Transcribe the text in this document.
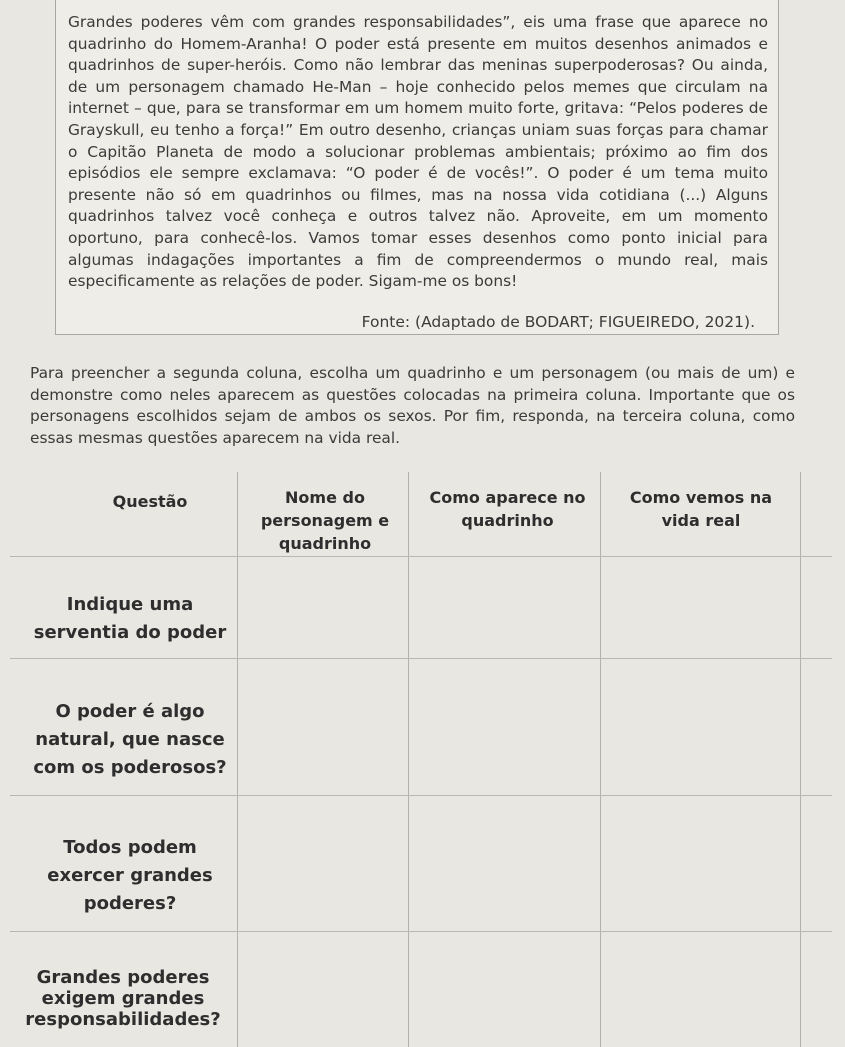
Grandes poderes vêm com grandes responsabilidades”, eis uma frase que aparece no quadrinho do Homem-Aranha! O poder está presente em muitos desenhos animados e quadrinhos de super-heróis. Como não lembrar das meninas superpoderosas? Ou ainda, de um personagem chamado He-Man – hoje conhecido pelos memes que circulam na internet – que, para se transformar em um homem muito forte, gritava: “Pelos poderes de Grayskull, eu tenho a força!” Em outro desenho, crianças uniam suas forças para chamar o Capitão Planeta de modo a solucionar problemas ambientais; próximo ao fim dos episódios ele sempre exclamava: “O poder é de vocês!”. O poder é um tema muito presente não só em quadrinhos ou filmes, mas na nossa vida cotidiana (...) Alguns quadrinhos talvez você conheça e outros talvez não. Aproveite, em um momento oportuno, para conhecê-los. Vamos tomar esses desenhos como ponto inicial para algumas indagações importantes a fim de compreendermos o mundo real, mais especificamente as relações de poder. Sigam-me os bons!

Fonte: (Adaptado de BODART; FIGUEIREDO, 2021).

Para preencher a segunda coluna, escolha um quadrinho e um personagem (ou mais de um) e demonstre como neles aparecem as questões colocadas na primeira coluna. Importante que os personagens escolhidos sejam de ambos os sexos. Por fim, responda, na terceira coluna, como essas mesmas questões aparecem na vida real.

Questão	Nome do personagem e quadrinho

Como aparece no quadrinho

Como vemos na vida real

Indique uma serventia do poder

O poder é algo natural, que nasce com os poderosos?

Todos podem exercer grandes poderes?

Grandes poderes exigem grandes responsabilidades?
